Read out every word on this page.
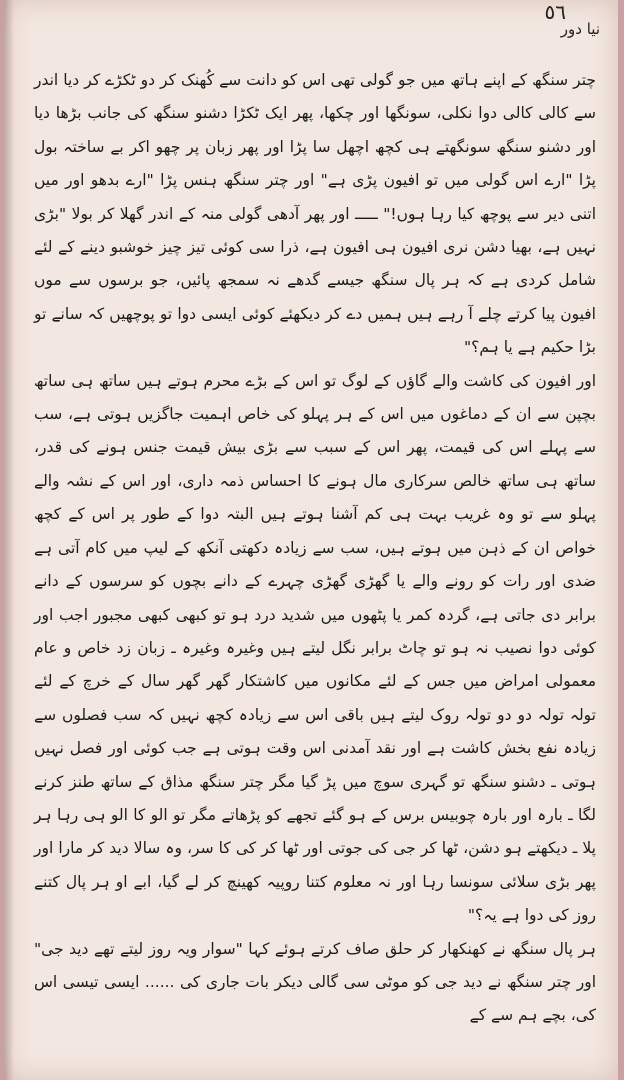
٥٦
نیا دور

چتر سنگھ کے اپنے ہاتھ میں جو گولی تھی اس کو دانت سے کُھنک کر دو ٹکڑے کر دیا اندر سے کالی کالی دوا نکلی، سونگھا اور چکھا، پھر ایک ٹکڑا دشنو سنگھ کی جانب بڑھا دیا اور دشنو سنگھ سونگھتے ہی کچھ اچھل سا پڑا اور پھر زبان پر چھو اکر بے ساختہ بول پڑا "ارے اس گولی میں تو افیون پڑی ہے" اور چتر سنگھ ہنس پڑا "ارے بدھو اور میں اتنی دیر سے پوچھ کیا رہا ہوں!" ـــــ اور پھر آدھی گولی منہ کے اندر گھلا کر بولا "بڑی نہیں ہے، بھیا دشن نری افیون ہی افیون ہے، ذرا سی کوئی تیز چیز خوشبو دینے کے لئے شامل کردی ہے کہ ہر پال سنگھ جیسے گدھے نہ سمجھ پائیں، جو برسوں سے موں افیون پیا کرتے چلے آ رہے ہیں ہمیں دے کر دیکھئے کوئی ایسی دوا تو پوچھیں کہ سانے تو بڑا حکیم ہے یا ہم؟"

اور افیون کی کاشت والے گاؤں کے لوگ تو اس کے بڑے محرم ہوتے ہیں ساتھ ہی ساتھ بچپن سے ان کے دماغوں میں اس کے ہر پہلو کی خاص اہمیت جاگزیں ہوتی ہے، سب سے پہلے اس کی قیمت، پھر اس کے سبب سے بڑی بیش قیمت جنس ہونے کی قدر، ساتھ ہی ساتھ خالص سرکاری مال ہونے کا احساس ذمہ داری، اور اس کے نشہ والے پہلو سے تو وہ غریب بہت ہی کم آشنا ہوتے ہیں البتہ دوا کے طور پر اس کے کچھ خواص ان کے ذہن میں ہوتے ہیں، سب سے زیادہ دکھتی آنکھ کے لیپ میں کام آتی ہے ضدی اور رات کو رونے والے یا گھڑی گھڑی چہرے کے دانے بچوں کو سرسوں کے دانے برابر دی جاتی ہے، گردہ کمر یا پٹھوں میں شدید درد ہو تو کبھی کبھی مجبور اجب اور کوئی دوا نصیب نہ ہو تو چاٹ برابر نگل لیتے ہیں وغیرہ وغیرہ ـ زبان زد خاص و عام معمولی امراض میں جس کے لئے مکانوں میں کاشتکار گھر گھر سال کے خرچ کے لئے تولہ تولہ دو دو تولہ روک لیتے ہیں باقی اس سے زیادہ کچھ نہیں کہ سب فصلوں سے زیادہ نفع بخش کاشت ہے اور نقد آمدنی اس وقت ہوتی ہے جب کوئی اور فصل نہیں ہوتی ـ دشنو سنگھ تو گہری سوچ میں پڑ گیا مگر چتر سنگھ مذاق کے ساتھ طنز کرنے لگا ـ بارہ اور بارہ چوبیس برس کے ہو گئے تجھے کو پڑھاتے مگر تو الو کا الو ہی رہا ہر پلا ـ دیکھتے ہو دشن، ٹھا کر جی کی جوتی اور ٹھا کر کی کا سر، وہ سالا دید کر مارا اور پھر بڑی سلائی سونسا رہا اور نہ معلوم کتنا روپیہ کھینچ کر لے گیا، ابے او ہر پال کتنے روز کی دوا ہے یہ؟"

ہر پال سنگھ نے کھنکھار کر حلق صاف کرتے ہوئے کہا "سوار ویہ روز لیتے تھے دید جی" اور چتر سنگھ نے دید جی کو موٹی سی گالی دیکر بات جاری کی ...... ایسی تیسی اس کی، بچے ہم سے کے
